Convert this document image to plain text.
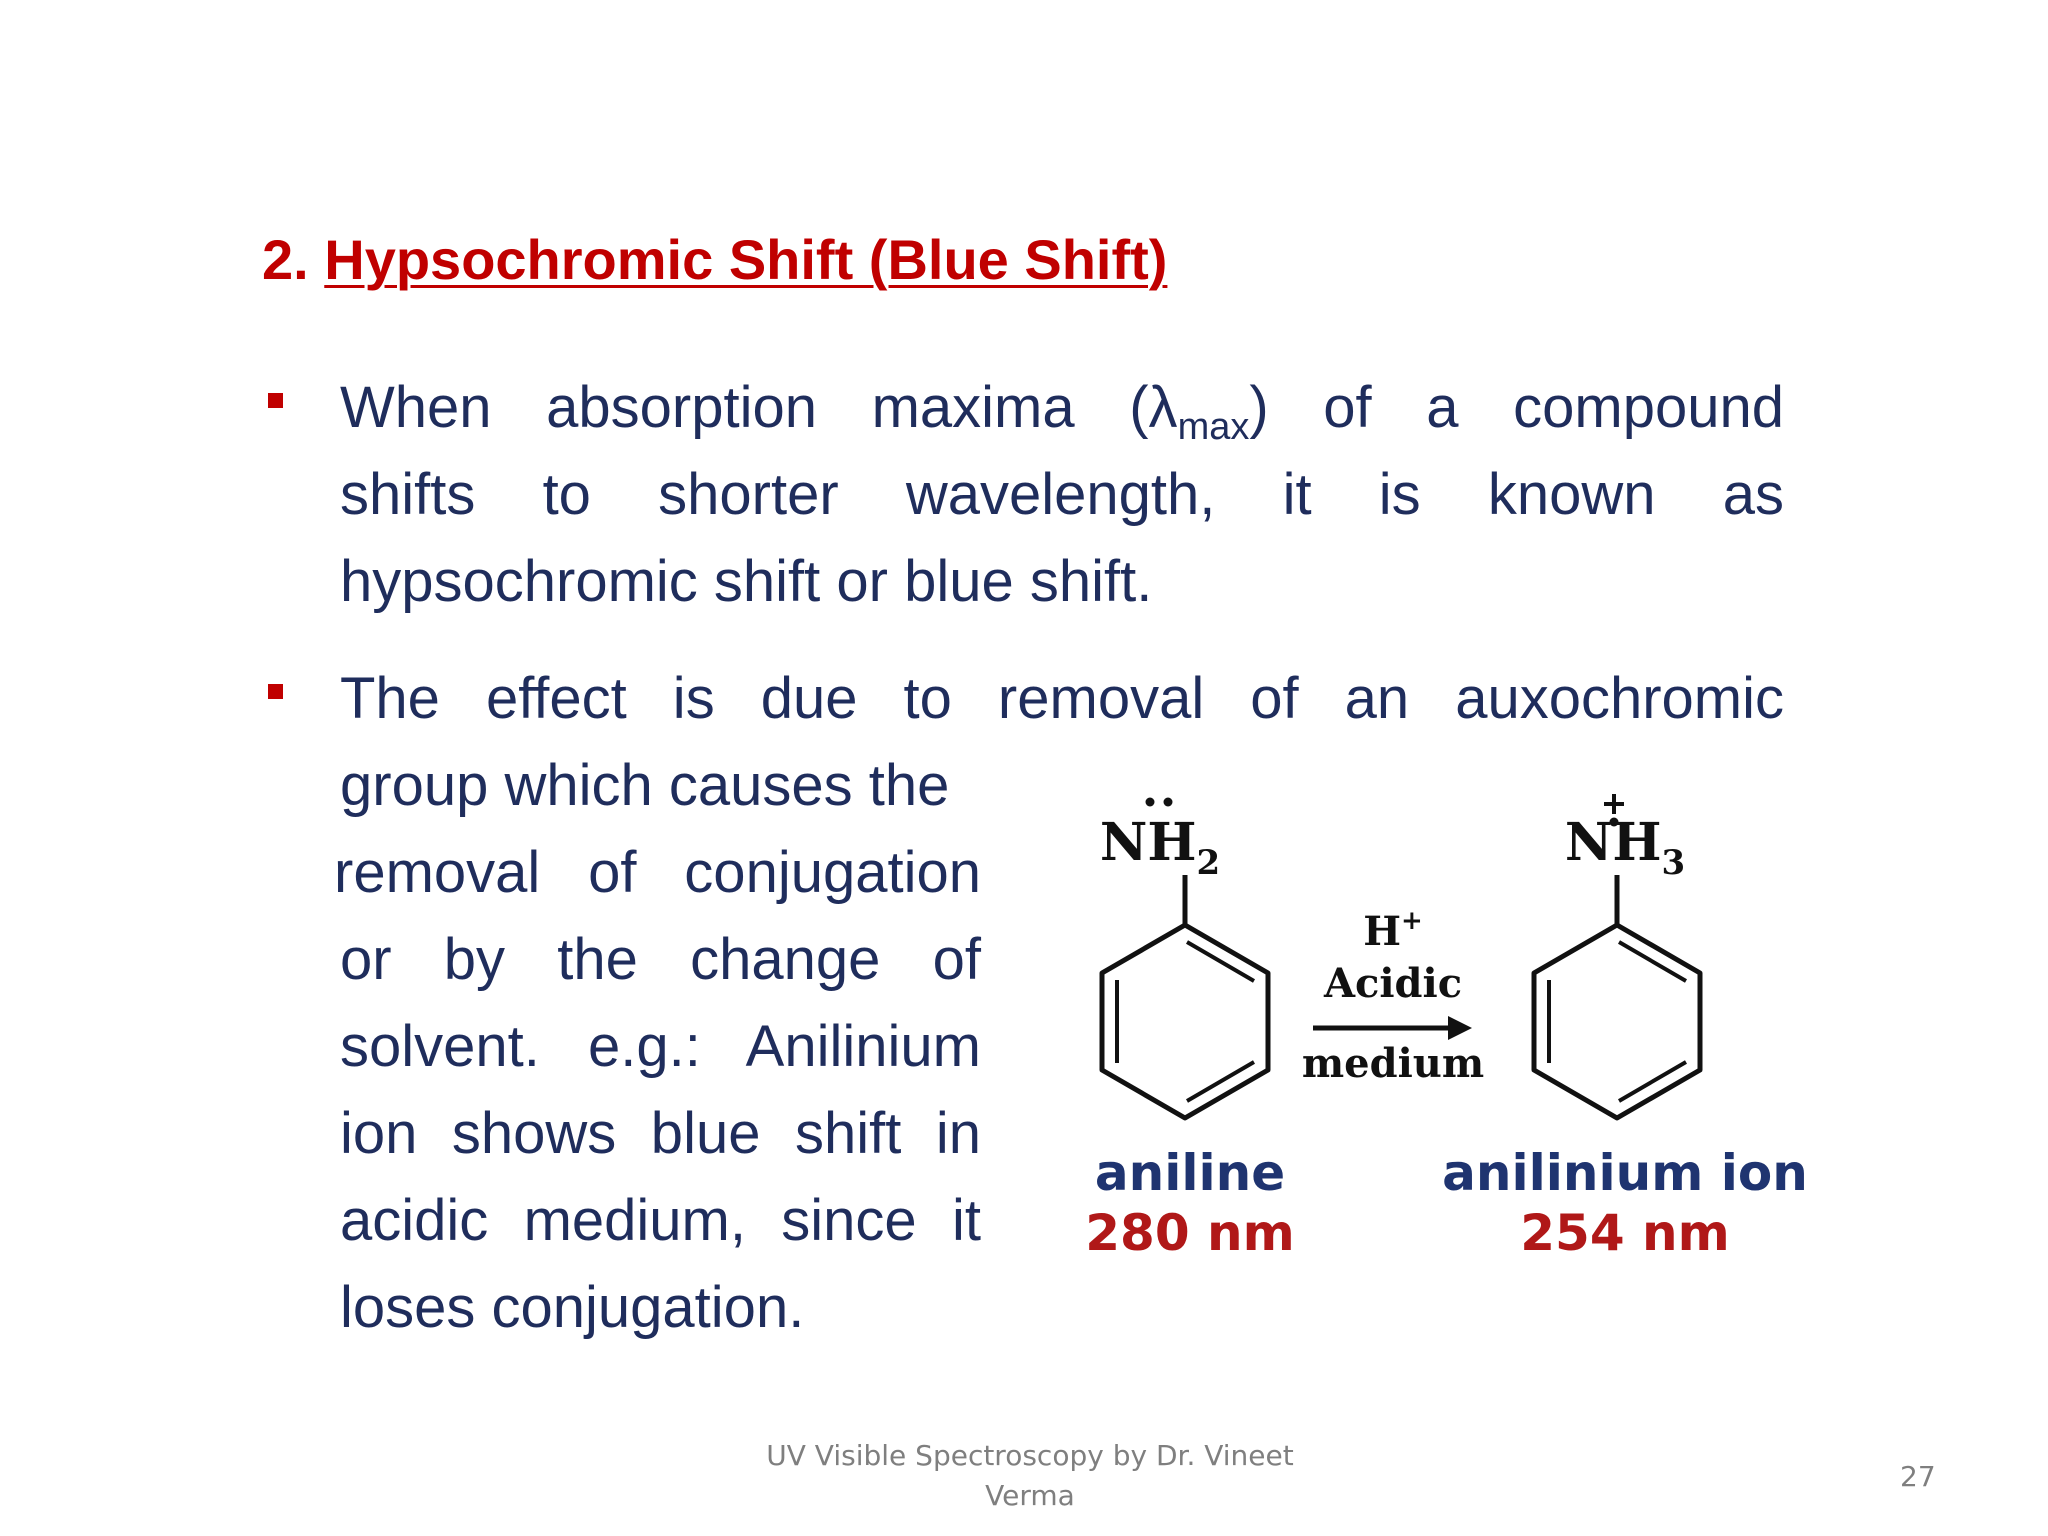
2. Hypsochromic Shift (Blue Shift)
When absorption maxima $(\lambda_{max})$ of a compound
shifts to shorter wavelength, it is known as
hypsochromic shift or blue shift.
The effect is due to removal of an auxochromic
group which causes the
removal of conjugation
or by the change of
solvent. e.g.: Anilinium
ion shows blue shift in
acidic medium, since it
loses conjugation.
$NH_2$
H+
Acidic
medium
$NH_3$
aniline
280 nm
anilinium ion
254 nm
UV Visible Spectroscopy by Dr. Vineet
Verma
27
